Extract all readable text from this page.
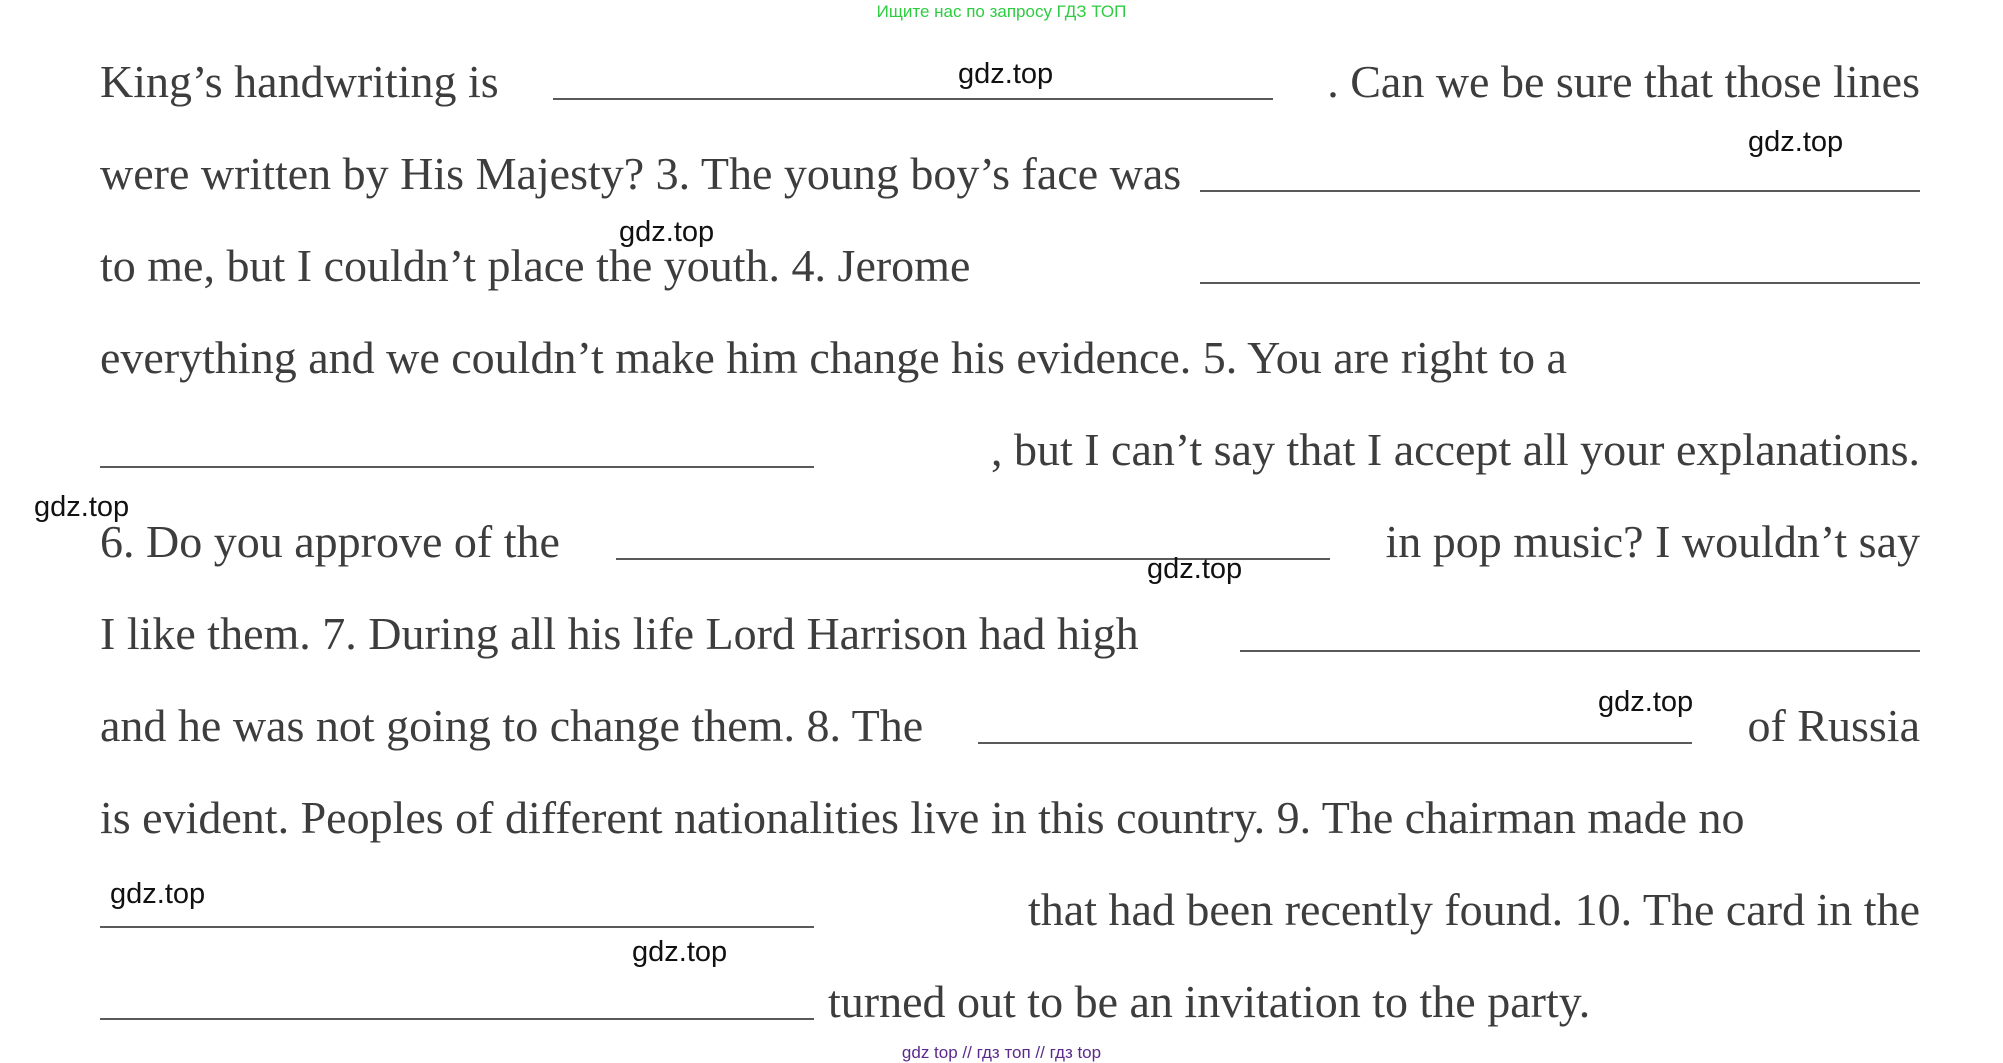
Ищите нас по запросу ГДЗ ТОП
King’s handwriting is	. Can we be sure that those lines
were written by His Majesty? 3. The young boy’s face was
to me, but I couldn’t place the youth. 4. Jerome
everything and we couldn’t make him change his evidence. 5. You are right to a
, but I can’t say that I accept all your explanations.
6. Do you approve of the	in pop music? I wouldn’t say
I like them. 7. During all his life Lord Harrison had high
and he was not going to change them. 8. The	of Russia
is evident. Peoples of different nationalities live in this country. 9. The chairman made no
that had been recently found. 10. The card in the
turned out to be an invitation to the party.
gdz.top
gdz.top
gdz.top
gdz.top
gdz.top
gdz.top
gdz.top
gdz.top
gdz top // гдз топ // гдз top
